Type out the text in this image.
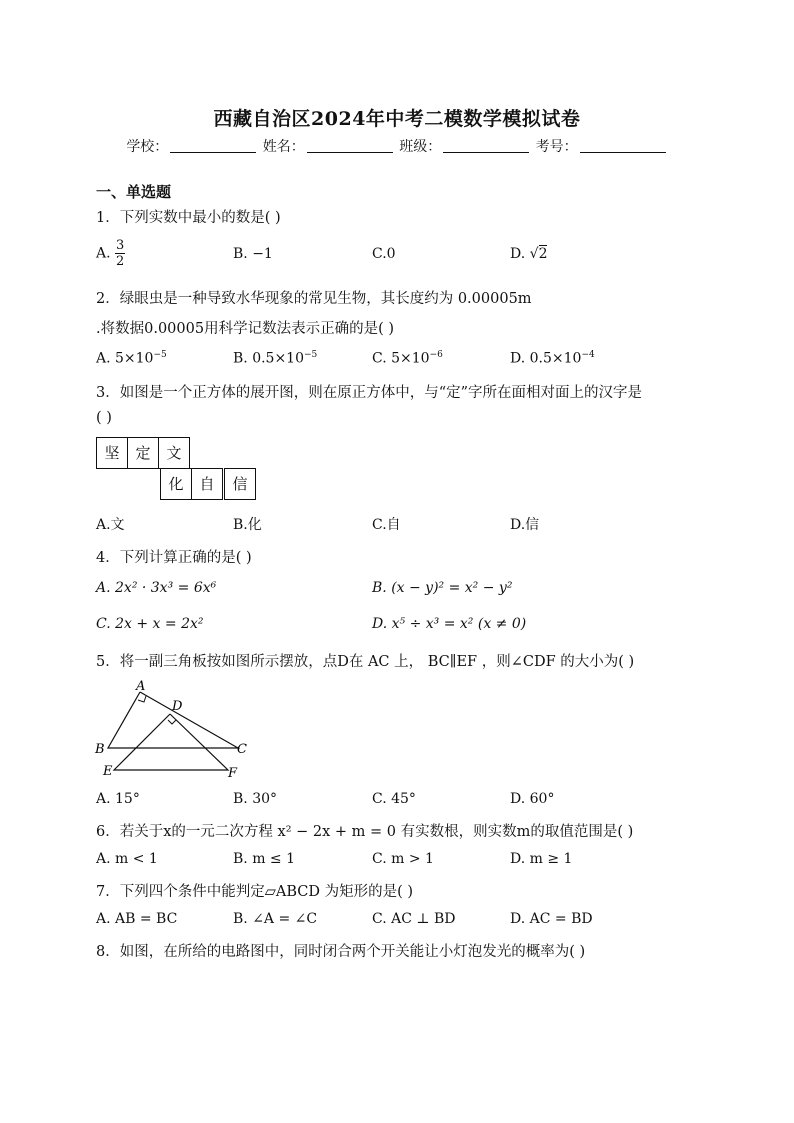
西藏自治区2024年中考二模数学模拟试卷
学校：	姓名：	班级：	考号：
一、单选题
1．下列实数中最小的数是( )
A. $\frac{3}{2}$	B. −1	C.0	D. √2
2．绿眼虫是一种导致水华现象的常见生物，其长度约为 0.00005m
.将数据0.00005用科学记数法表示正确的是( )
A. $5\times 10^{-5}$	B. $0.5\times 10^{-5}$	C. $5\times 10^{-6}$	D. $0.5\times 10^{-4}$
3．如图是一个正方体的展开图，则在原正方体中，与“定”字所在面相对面上的汉字是
( )
坚	定	文
化	自	信
A.文	B.化	C.自	D.信
4．下列计算正确的是( )
A. 2x² · 3x³ = 6x⁶	B. (x − y)² = x² − y²
C. 2x + x = 2x²	D. x⁵ ÷ x³ = x² (x ≠ 0)
5．将一副三角板按如图所示摆放，点D在 AC 上， BC∥EF ，则∠CDF 的大小为( )
A
D
B	C
E	F
A. 15°	B. 30°	C. 45°	D. 60°
6．若关于x的一元二次方程 x² − 2x + m = 0 有实数根，则实数m的取值范围是( )
A. m < 1	B. m ≤ 1	C. m > 1	D. m ≥ 1
7．下列四个条件中能判定▱ABCD 为矩形的是( )
A. AB = BC	B. ∠A = ∠C	C. AC ⊥ BD	D. AC = BD
8．如图，在所给的电路图中，同时闭合两个开关能让小灯泡发光的概率为( )
